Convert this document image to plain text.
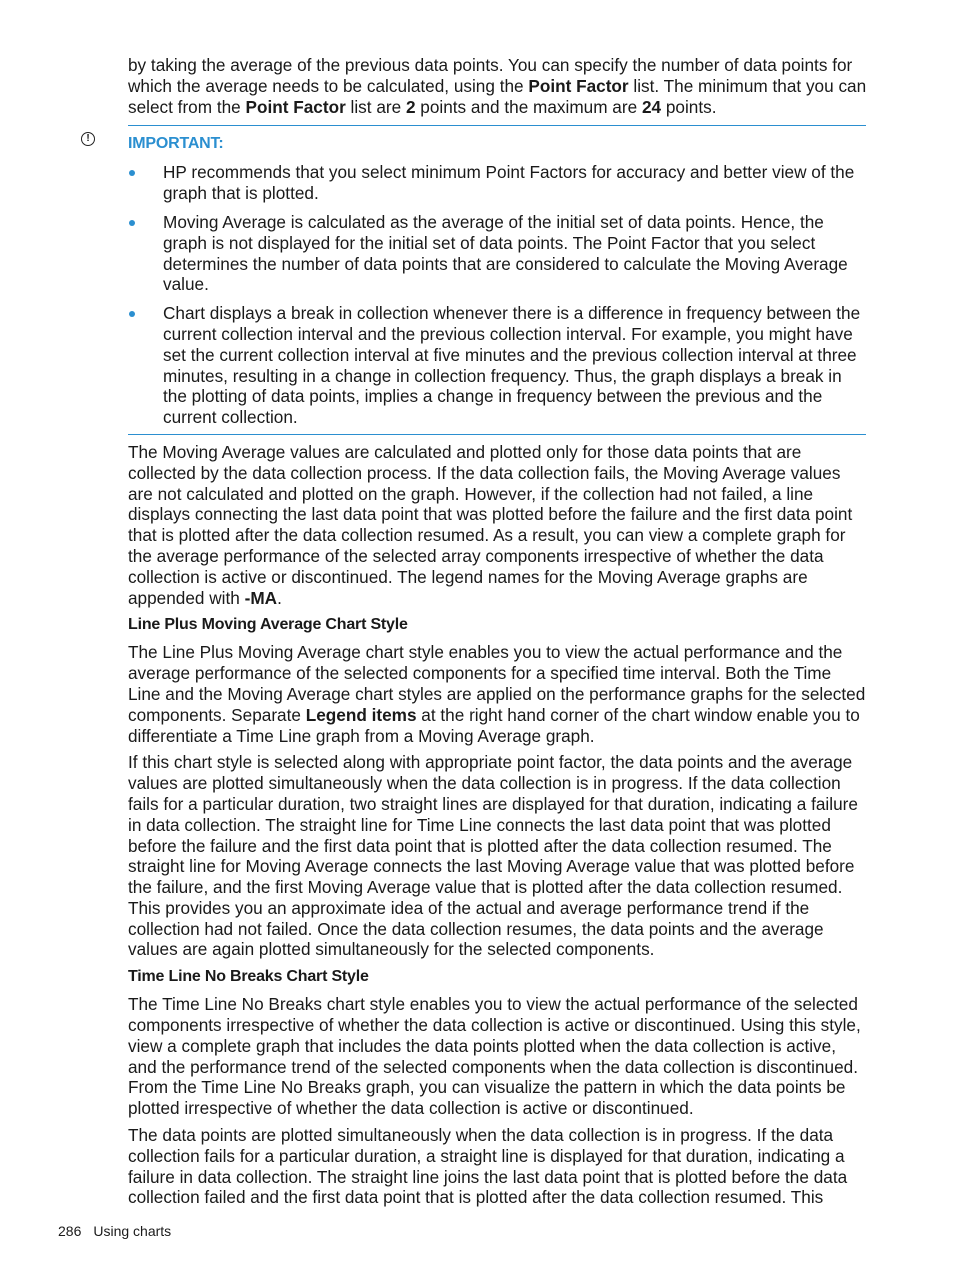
by taking the average of the previous data points. You can specify the number of data points for which the average needs to be calculated, using the Point Factor list. The minimum that you can select from the Point Factor list are 2 points and the maximum are 24 points.

!	IMPORTANT:

HP recommends that you select minimum Point Factors for accuracy and better view of the graph that is plotted.

Moving Average is calculated as the average of the initial set of data points. Hence, the graph is not displayed for the initial set of data points. The Point Factor that you select determines the number of data points that are considered to calculate the Moving Average value.

Chart displays a break in collection whenever there is a difference in frequency between the current collection interval and the previous collection interval. For example, you might have set the current collection interval at five minutes and the previous collection interval at three minutes, resulting in a change in collection frequency. Thus, the graph displays a break in the plotting of data points, implies a change in frequency between the previous and the current collection.

The Moving Average values are calculated and plotted only for those data points that are collected by the data collection process. If the data collection fails, the Moving Average values are not calculated and plotted on the graph. However, if the collection had not failed, a line displays connecting the last data point that was plotted before the failure and the first data point that is plotted after the data collection resumed. As a result, you can view a complete graph for the average performance of the selected array components irrespective of whether the data collection is active or discontinued. The legend names for the Moving Average graphs are appended with -MA.

Line Plus Moving Average Chart Style

The Line Plus Moving Average chart style enables you to view the actual performance and the average performance of the selected components for a specified time interval. Both the Time Line and the Moving Average chart styles are applied on the performance graphs for the selected components. Separate Legend items at the right hand corner of the chart window enable you to differentiate a Time Line graph from a Moving Average graph.

If this chart style is selected along with appropriate point factor, the data points and the average values are plotted simultaneously when the data collection is in progress. If the data collection fails for a particular duration, two straight lines are displayed for that duration, indicating a failure in data collection. The straight line for Time Line connects the last data point that was plotted before the failure and the first data point that is plotted after the data collection resumed. The straight line for Moving Average connects the last Moving Average value that was plotted before the failure, and the first Moving Average value that is plotted after the data collection resumed. This provides you an approximate idea of the actual and average performance trend if the collection had not failed. Once the data collection resumes, the data points and the average values are again plotted simultaneously for the selected components.

Time Line No Breaks Chart Style

The Time Line No Breaks chart style enables you to view the actual performance of the selected components irrespective of whether the data collection is active or discontinued. Using this style, view a complete graph that includes the data points plotted when the data collection is active, and the performance trend of the selected components when the data collection is discontinued. From the Time Line No Breaks graph, you can visualize the pattern in which the data points be plotted irrespective of whether the data collection is active or discontinued.

The data points are plotted simultaneously when the data collection is in progress. If the data collection fails for a particular duration, a straight line is displayed for that duration, indicating a failure in data collection. The straight line joins the last data point that is plotted before the data collection failed and the first data point that is plotted after the data collection resumed. This

286 Using charts
